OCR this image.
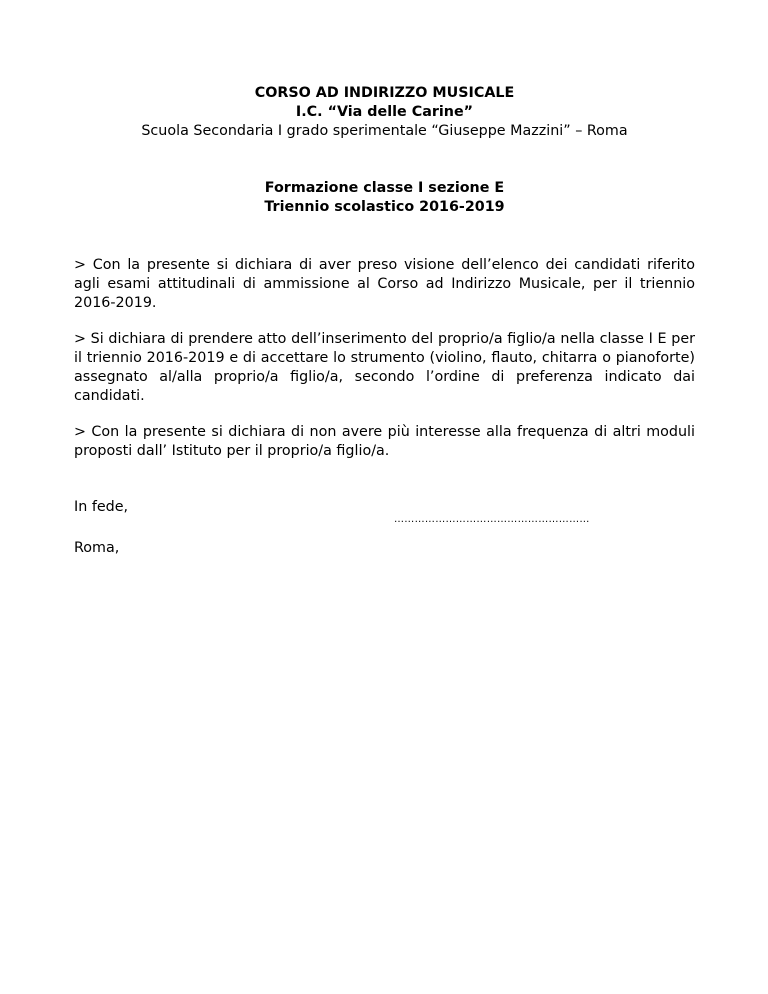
CORSO AD INDIRIZZO MUSICALE
I.C. “Via delle Carine”
Scuola Secondaria I grado sperimentale “Giuseppe Mazzini” – Roma
Formazione classe I sezione E
Triennio scolastico 2016-2019

> Con la presente si dichiara di aver preso visione dell’elenco dei candidati riferito agli esami attitudinali di ammissione al Corso ad Indirizzo Musicale, per il triennio 2016-2019.

> Si dichiara di prendere atto dell’inserimento del proprio/a figlio/a nella classe I E per il triennio 2016-2019 e di accettare lo strumento (violino, flauto, chitarra o pianoforte) assegnato al/alla proprio/a figlio/a, secondo l’ordine di preferenza indicato dai candidati.

> Con la presente si dichiara di non avere più interesse alla frequenza di altri moduli proposti dall’ Istituto per il proprio/a figlio/a.

In fede,

…………………………………………………
Roma,
